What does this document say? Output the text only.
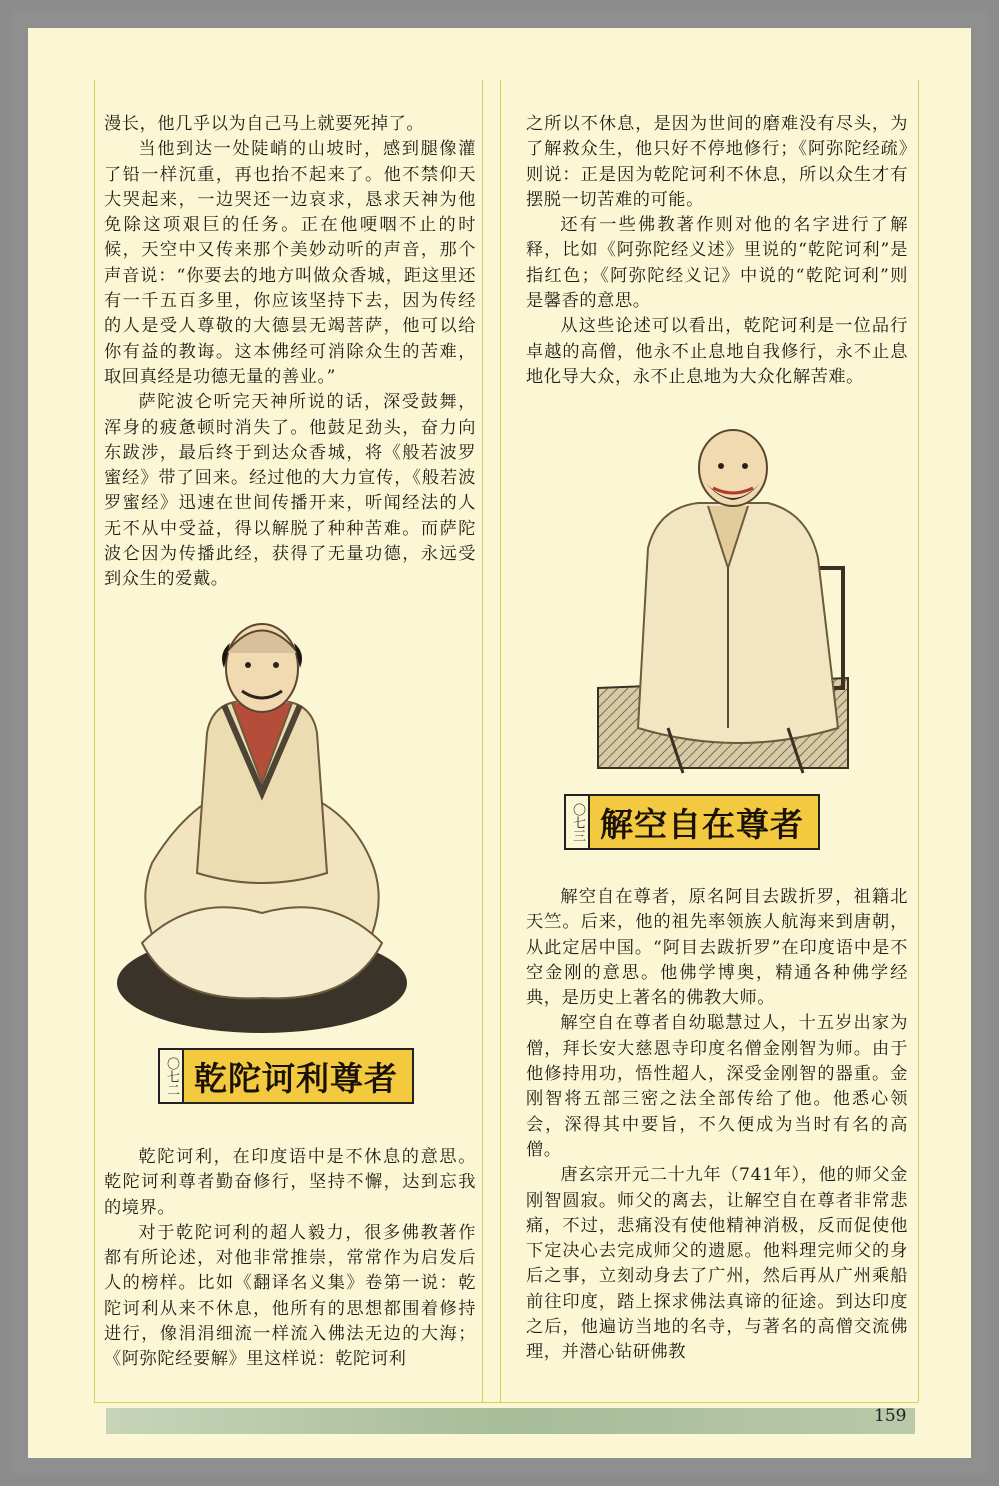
漫长，他几乎以为自己马上就要死掉了。

当他到达一处陡峭的山坡时，感到腿像灌了铅一样沉重，再也抬不起来了。他不禁仰天大哭起来，一边哭还一边哀求，恳求天神为他免除这项艰巨的任务。正在他哽咽不止的时候，天空中又传来那个美妙动听的声音，那个声音说：“你要去的地方叫做众香城，距这里还有一千五百多里，你应该坚持下去，因为传经的人是受人尊敬的大德昙无竭菩萨，他可以给你有益的教诲。这本佛经可消除众生的苦难，取回真经是功德无量的善业。”

萨陀波仑听完天神所说的话，深受鼓舞，浑身的疲惫顿时消失了。他鼓足劲头，奋力向东跋涉，最后终于到达众香城，将《般若波罗蜜经》带了回来。经过他的大力宣传，《般若波罗蜜经》迅速在世间传播开来，听闻经法的人无不从中受益，得以解脱了种种苦难。而萨陀波仑因为传播此经，获得了无量功德，永远受到众生的爱戴。

〇七二 乾陀诃利尊者

乾陀诃利，在印度语中是不休息的意思。乾陀诃利尊者勤奋修行，坚持不懈，达到忘我的境界。

对于乾陀诃利的超人毅力，很多佛教著作都有所论述，对他非常推崇，常常作为启发后人的榜样。比如《翻译名义集》卷第一说：乾陀诃利从来不休息，他所有的思想都围着修持进行，像涓涓细流一样流入佛法无边的大海；《阿弥陀经要解》里这样说：乾陀诃利

之所以不休息，是因为世间的磨难没有尽头，为了解救众生，他只好不停地修行；《阿弥陀经疏》则说：正是因为乾陀诃利不休息，所以众生才有摆脱一切苦难的可能。

还有一些佛教著作则对他的名字进行了解释，比如《阿弥陀经义述》里说的“乾陀诃利”是指红色；《阿弥陀经义记》中说的“乾陀诃利”则是馨香的意思。

从这些论述可以看出，乾陀诃利是一位品行卓越的高僧，他永不止息地自我修行，永不止息地化导大众，永不止息地为大众化解苦难。

〇七三 解空自在尊者

解空自在尊者，原名阿目去跋折罗，祖籍北天竺。后来，他的祖先率领族人航海来到唐朝，从此定居中国。“阿目去跋折罗”在印度语中是不空金刚的意思。他佛学博奥，精通各种佛学经典，是历史上著名的佛教大师。

解空自在尊者自幼聪慧过人，十五岁出家为僧，拜长安大慈恩寺印度名僧金刚智为师。由于他修持用功，悟性超人，深受金刚智的器重。金刚智将五部三密之法全部传给了他。他悉心领会，深得其中要旨，不久便成为当时有名的高僧。

唐玄宗开元二十九年（741年），他的师父金刚智圆寂。师父的离去，让解空自在尊者非常悲痛，不过，悲痛没有使他精神消极，反而促使他下定决心去完成师父的遗愿。他料理完师父的身后之事，立刻动身去了广州，然后再从广州乘船前往印度，踏上探求佛法真谛的征途。到达印度之后，他遍访当地的名寺，与著名的高僧交流佛理，并潜心钻研佛教

159
